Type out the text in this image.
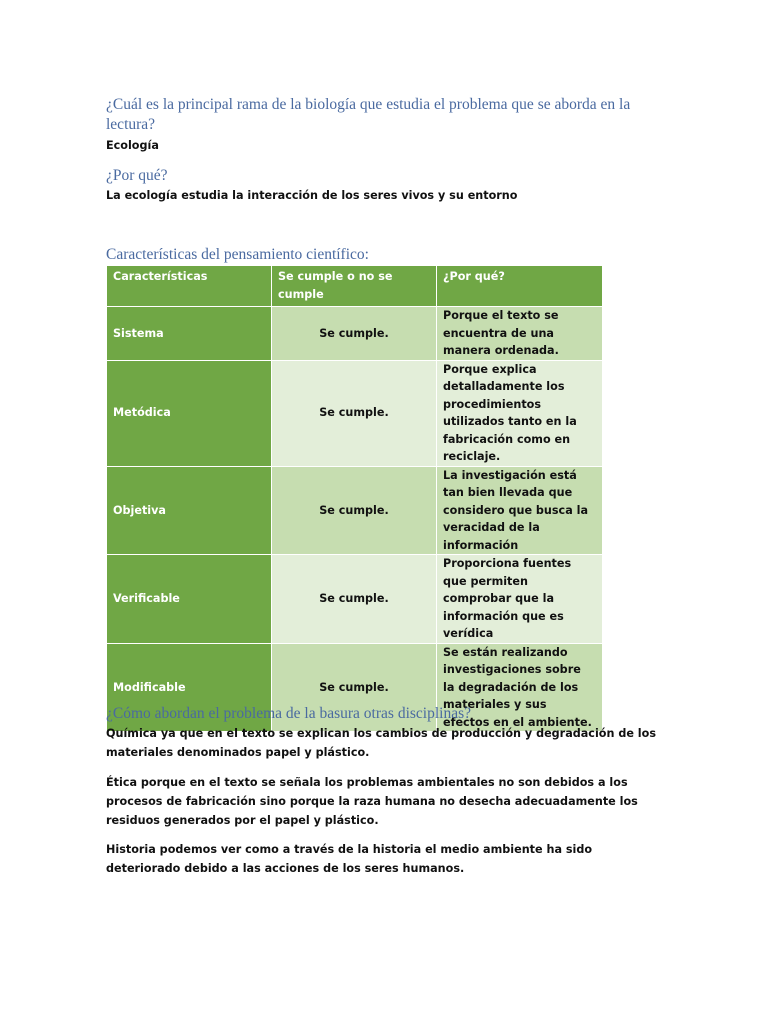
¿Cuál es la principal rama de la biología que estudia el problema que se aborda en la lectura?
Ecología
¿Por qué?
La ecología estudia la interacción de los seres vivos y su entorno
Características del pensamiento científico:
Características	Se cumple o no se cumple	¿Por qué?
Sistema	Se cumple.	Porque el texto se encuentra de una manera ordenada.
Metódica	Se cumple.	Porque explica detalladamente los procedimientos utilizados tanto en la fabricación como en reciclaje.
Objetiva	Se cumple.	La investigación está tan bien llevada que considero que busca la veracidad de la información
Verificable	Se cumple.	Proporciona fuentes que permiten comprobar que la información que es verídica
Modificable	Se cumple.	Se están realizando investigaciones sobre la degradación de los materiales y sus efectos en el ambiente.
¿Cómo abordan el problema de la basura otras disciplinas?
Química ya que en el texto se explican los cambios de producción y degradación de los materiales denominados papel y plástico.
Ética porque en el texto se señala los problemas ambientales no son debidos a los procesos de fabricación sino porque la raza humana no desecha adecuadamente los residuos generados por el papel y plástico.
Historia podemos ver como a través de la historia el medio ambiente ha sido deteriorado debido a las acciones de los seres humanos.
